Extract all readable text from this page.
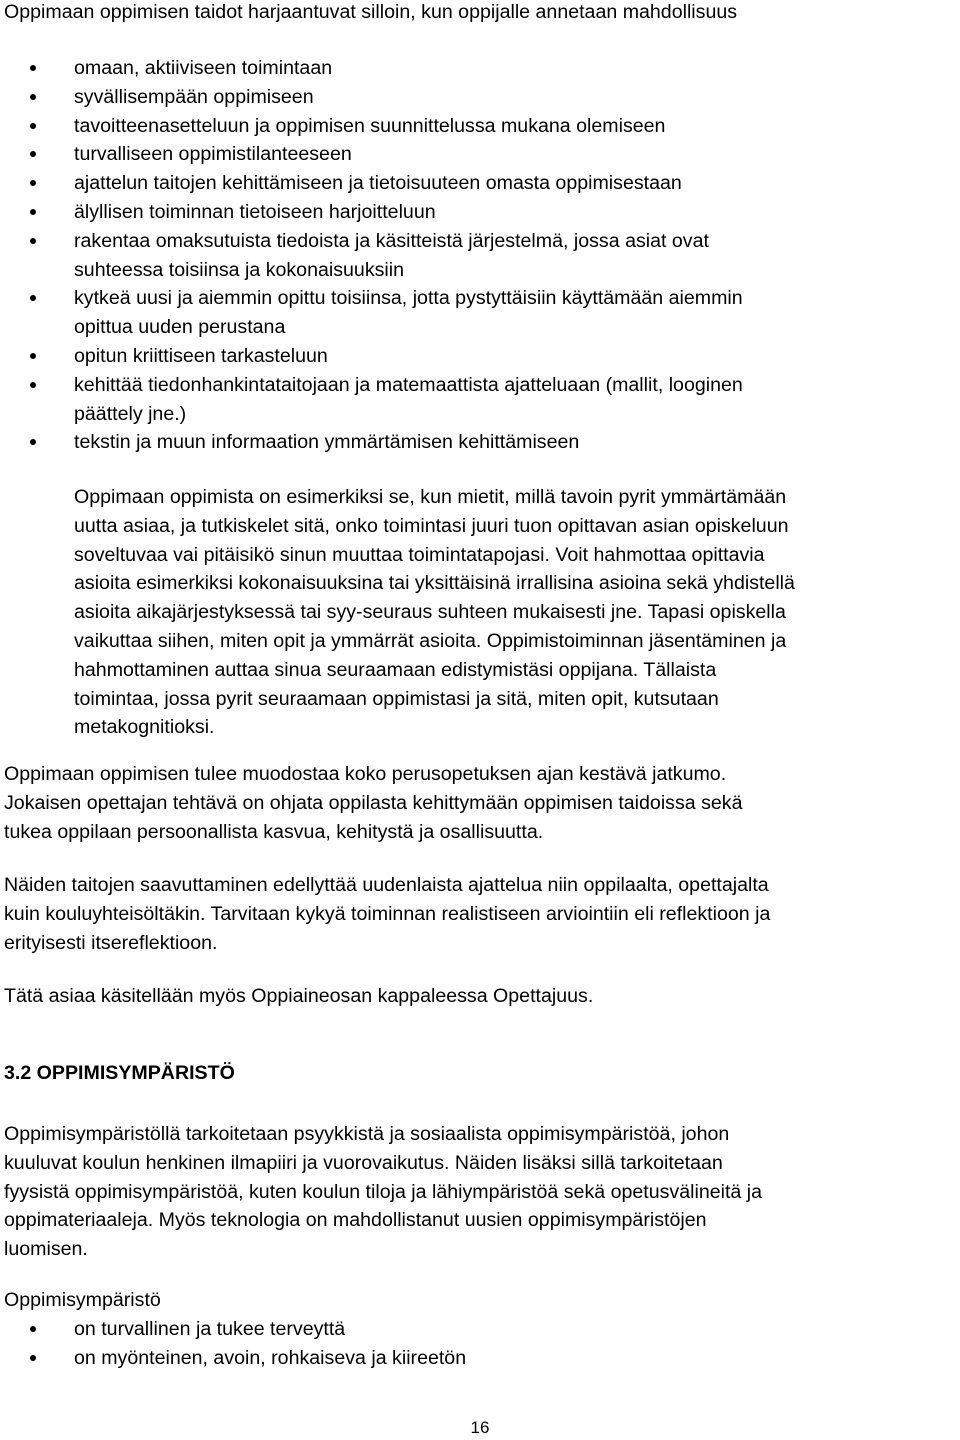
Oppimaan oppimisen taidot harjaantuvat silloin, kun oppijalle annetaan mahdollisuus

omaan, aktiiviseen toimintaan
syvällisempään oppimiseen
tavoitteenasetteluun ja oppimisen suunnittelussa mukana olemiseen
turvalliseen oppimistilanteeseen
ajattelun taitojen kehittämiseen ja tietoisuuteen omasta oppimisestaan
älyllisen toiminnan tietoiseen harjoitteluun
rakentaa omaksutuista tiedoista ja käsitteistä järjestelmä, jossa asiat ovat
suhteessa toisiinsa ja kokonaisuuksiin
kytkeä uusi ja aiemmin opittu toisiinsa, jotta pystyttäisiin käyttämään aiemmin
opittua uuden perustana
opitun kriittiseen tarkasteluun
kehittää tiedonhankintataitojaan ja matemaattista ajatteluaan (mallit, looginen
päättely jne.)
tekstin ja muun informaation ymmärtämisen kehittämiseen

Oppimaan oppimista on esimerkiksi se, kun mietit, millä tavoin pyrit ymmärtämään
uutta asiaa, ja tutkiskelet sitä, onko toimintasi juuri tuon opittavan asian opiskeluun
soveltuvaa vai pitäisikö sinun muuttaa toimintatapojasi. Voit hahmottaa opittavia
asioita esimerkiksi kokonaisuuksina tai yksittäisinä irrallisina asioina sekä yhdistellä
asioita aikajärjestyksessä tai syy-seuraus suhteen mukaisesti jne. Tapasi opiskella
vaikuttaa siihen, miten opit ja ymmärrät asioita. Oppimistoiminnan jäsentäminen ja
hahmottaminen auttaa sinua seuraamaan edistymistäsi oppijana. Tällaista
toimintaa, jossa pyrit seuraamaan oppimistasi ja sitä, miten opit, kutsutaan
metakognitioksi.

Oppimaan oppimisen tulee muodostaa koko perusopetuksen ajan kestävä jatkumo.
Jokaisen opettajan tehtävä on ohjata oppilasta kehittymään oppimisen taidoissa sekä
tukea oppilaan persoonallista kasvua, kehitystä ja osallisuutta.

Näiden taitojen saavuttaminen edellyttää uudenlaista ajattelua niin oppilaalta, opettajalta
kuin kouluyhteisöltäkin. Tarvitaan kykyä toiminnan realistiseen arviointiin eli reflektioon ja
erityisesti itsereflektioon.

Tätä asiaa käsitellään myös Oppiaineosan kappaleessa Opettajuus.

3.2 OPPIMISYMPÄRISTÖ

Oppimisympäristöllä tarkoitetaan psyykkistä ja sosiaalista oppimisympäristöä, johon
kuuluvat koulun henkinen ilmapiiri ja vuorovaikutus. Näiden lisäksi sillä tarkoitetaan
fyysistä oppimisympäristöä, kuten koulun tiloja ja lähiympäristöä sekä opetusvälineitä ja
oppimateriaaleja. Myös teknologia on mahdollistanut uusien oppimisympäristöjen
luomisen.

Oppimisympäristö

on turvallinen ja tukee terveyttä
on myönteinen, avoin, rohkaiseva ja kiireetön
16
